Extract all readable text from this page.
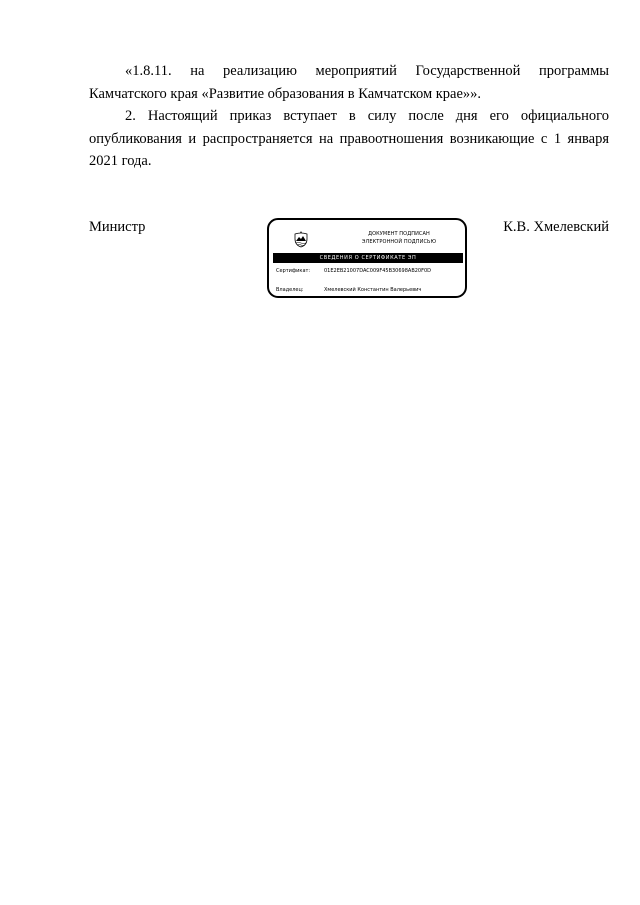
«1.8.11. на реализацию мероприятий Государственной программы Камчатского края «Развитие образования в Камчатском крае»».

2. Настоящий приказ вступает в силу после дня его официального опубликования и распространяется на правоотношения возникающие с 1 января 2021 года.

Министр	ДОКУМЕНТ ПОДПИСАН
ЭЛЕКТРОННОЙ ПОДПИСЬЮ
СВЕДЕНИЯ О СЕРТИФИКАТЕ ЭП
Сертификат:	01E2EB21007DAC009F45B30698AB20F0D
Владелец:	Хмелевский Константин Валерьевич
К.В. Хмелевский
